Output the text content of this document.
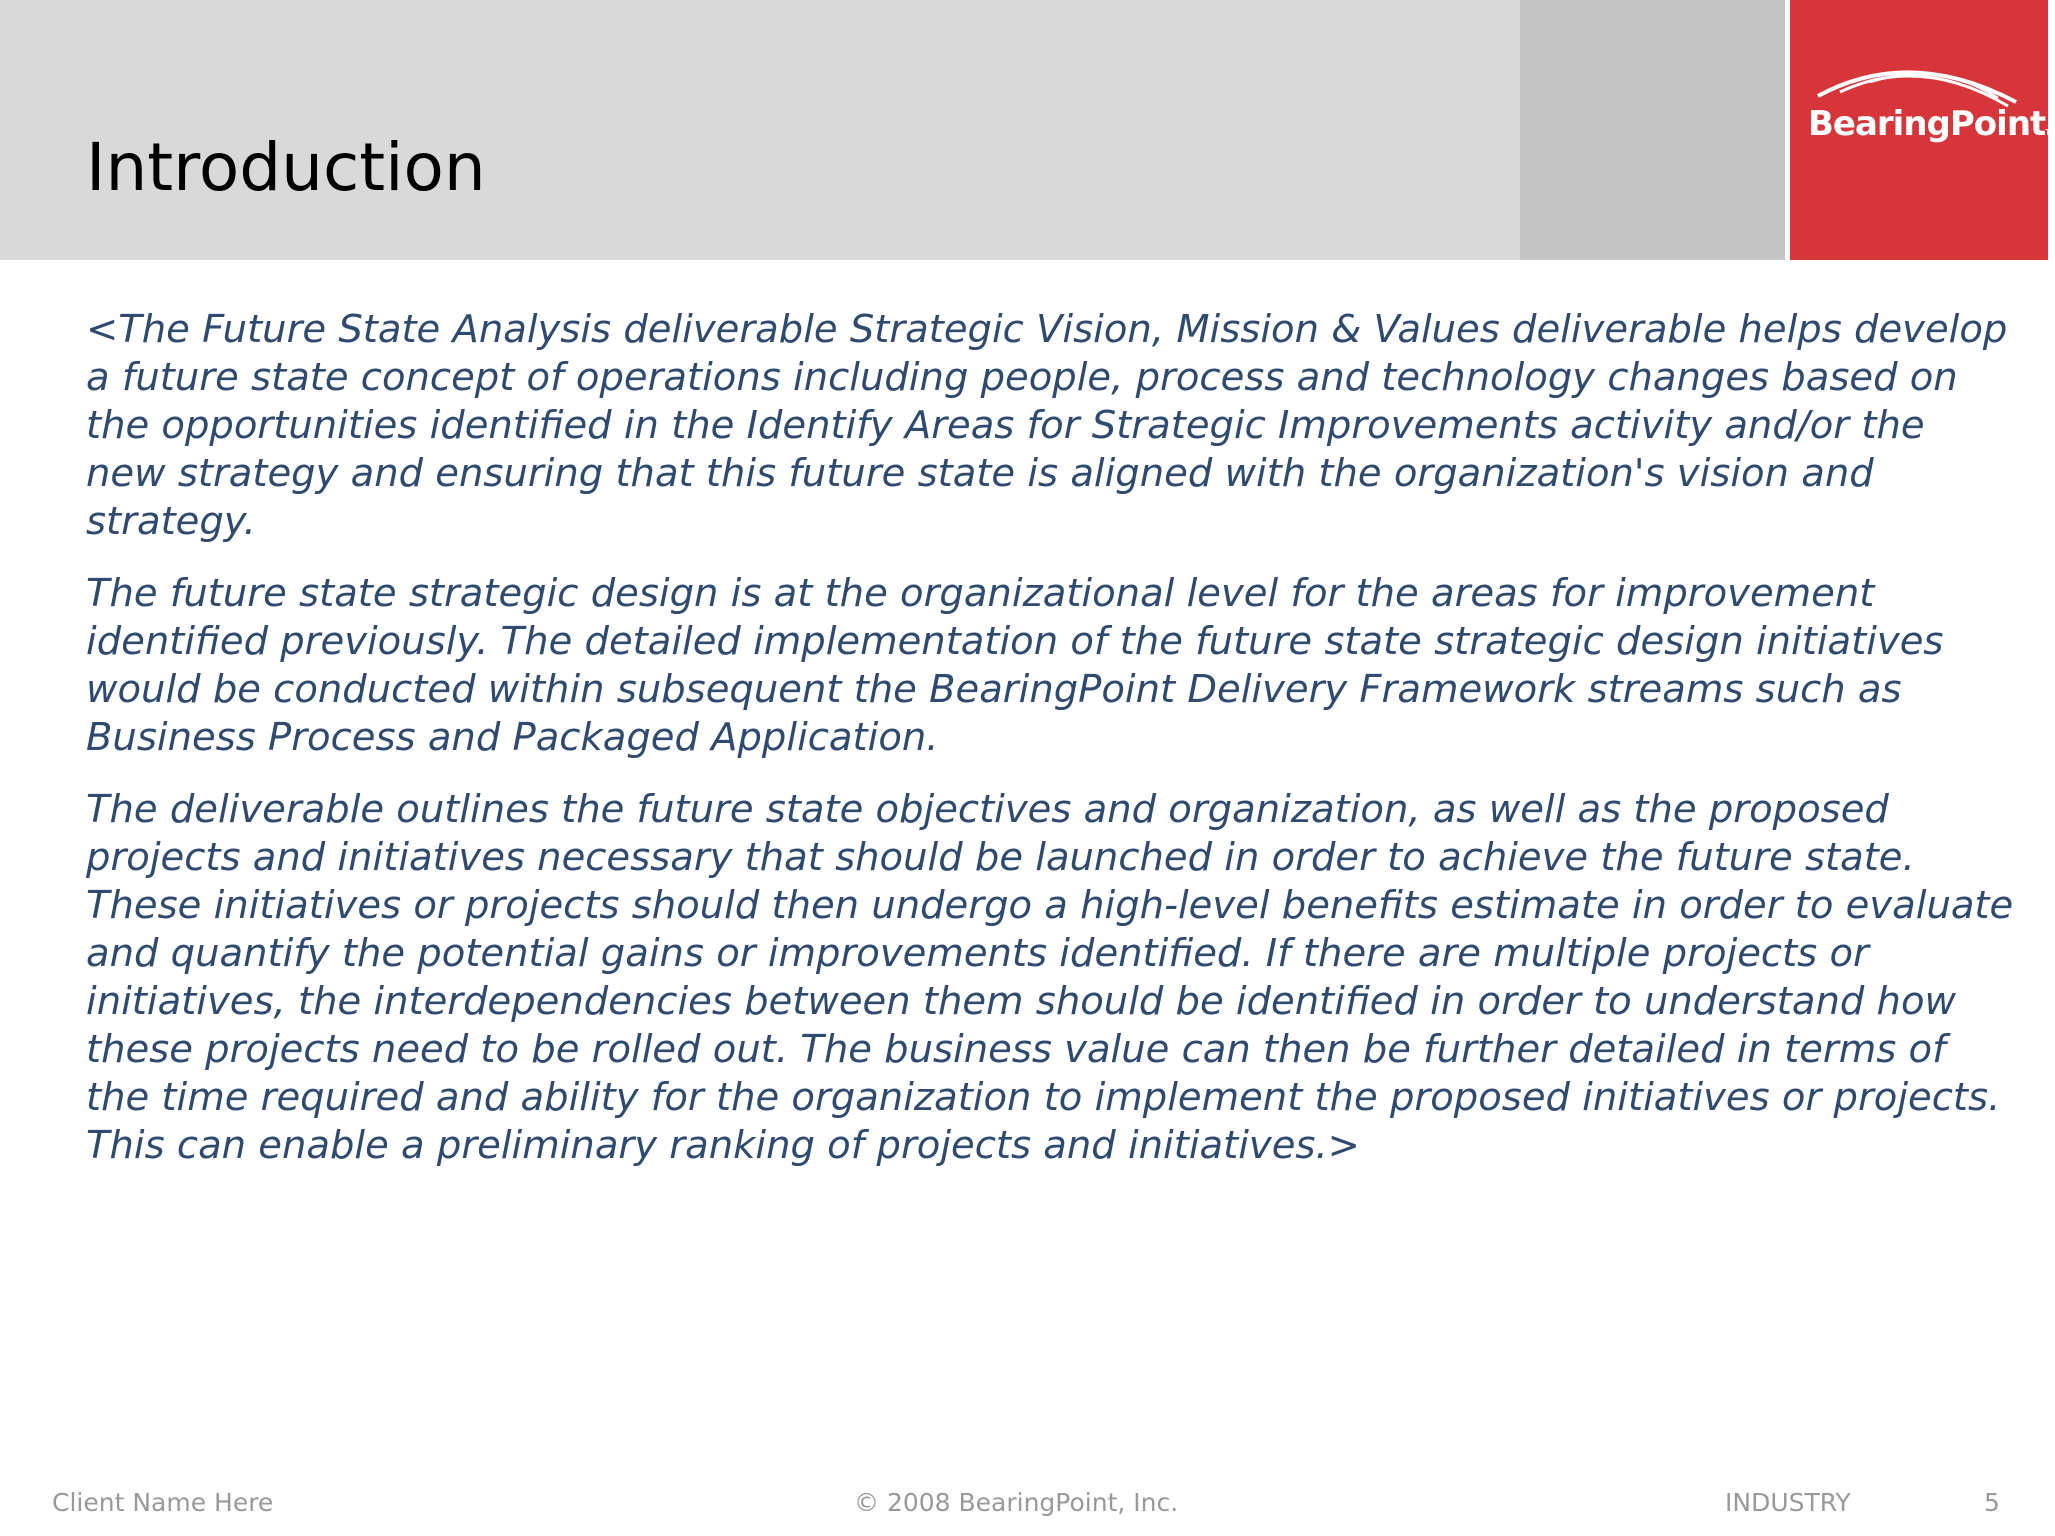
BearingPointTM
Introduction

<The Future State Analysis deliverable Strategic Vision, Mission & Values deliverable helps develop a future state concept of operations including people, process and technology changes based on the opportunities identified in the Identify Areas for Strategic Improvements activity and/or the new strategy and ensuring that this future state is aligned with the organization's vision and strategy.

The future state strategic design is at the organizational level for the areas for improvement identified previously. The detailed implementation of the future state strategic design initiatives would be conducted within subsequent the BearingPoint Delivery Framework streams such as Business Process and Packaged Application.

The deliverable outlines the future state objectives and organization, as well as the proposed projects and initiatives necessary that should be launched in order to achieve the future state. These initiatives or projects should then undergo a high-level benefits estimate in order to evaluate and quantify the potential gains or improvements identified. If there are multiple projects or initiatives, the interdependencies between them should be identified in order to understand how these projects need to be rolled out. The business value can then be further detailed in terms of the time required and ability for the organization to implement the proposed initiatives or projects. This can enable a preliminary ranking of projects and initiatives.>

Client Name Here	© 2008 BearingPoint, Inc.	INDUSTRY	5
